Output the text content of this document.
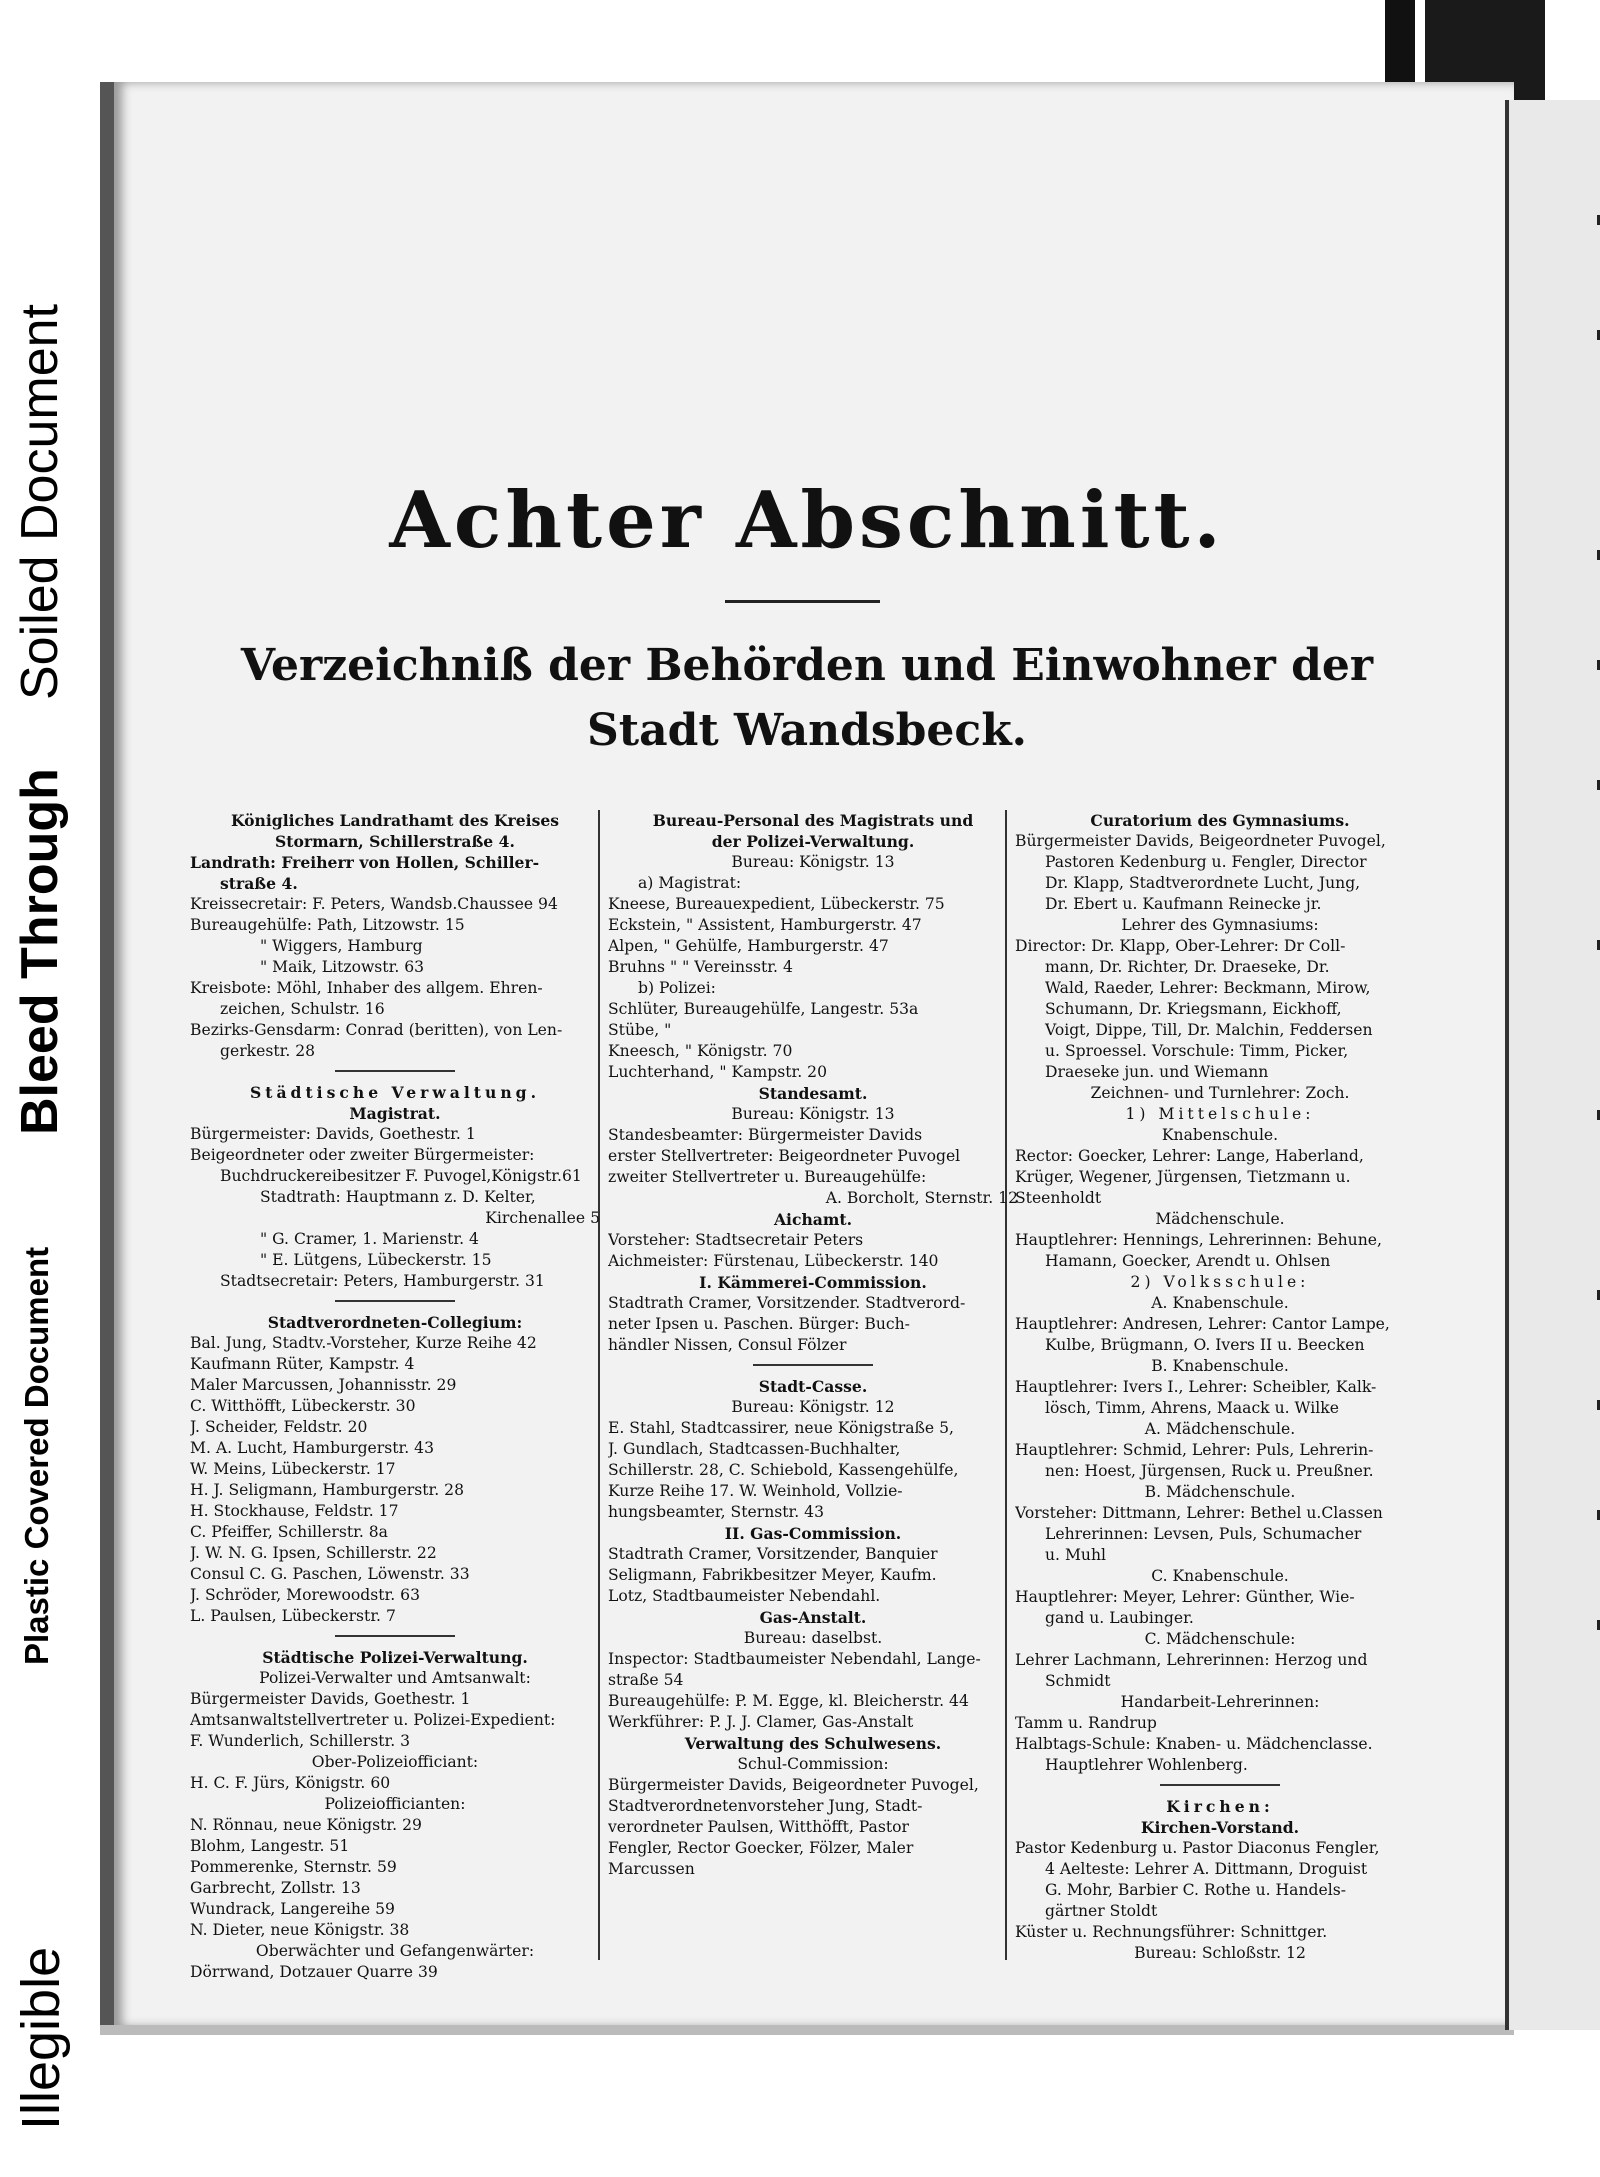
Illegible
Plastic Covered Document
Bleed Through
Soiled Document	Achter Abschnitt.
Verzeichniß der Behörden und Einwohner der
Stadt Wandsbeck.
Königliches Landrathamt des Kreises
Stormarn, Schillerstraße 4.
Landrath: Freiherr von Hollen, Schiller-
straße 4.
Kreissecretair: F. Peters, Wandsb.Chaussee 94
Bureaugehülfe: Path, Litzowstr. 15
" Wiggers, Hamburg
" Maik, Litzowstr. 63
Kreisbote: Möhl, Inhaber des allgem. Ehren-
zeichen, Schulstr. 16
Bezirks-Gensdarm: Conrad (beritten), von Len-
gerkestr. 28
Städtische Verwaltung.
Magistrat.
Bürgermeister: Davids, Goethestr. 1
Beigeordneter oder zweiter Bürgermeister:
Buchdruckereibesitzer F. Puvogel,Königstr.61
Stadtrath: Hauptmann z. D. Kelter,
Kirchenallee 5
" G. Cramer, 1. Marienstr. 4
" E. Lütgens, Lübeckerstr. 15
Stadtsecretair: Peters, Hamburgerstr. 31
Stadtverordneten-Collegium:
Bal. Jung, Stadtv.-Vorsteher, Kurze Reihe 42
Kaufmann Rüter, Kampstr. 4
Maler Marcussen, Johannisstr. 29
C. Witthöfft, Lübeckerstr. 30
J. Scheider, Feldstr. 20
M. A. Lucht, Hamburgerstr. 43
W. Meins, Lübeckerstr. 17
H. J. Seligmann, Hamburgerstr. 28
H. Stockhause, Feldstr. 17
C. Pfeiffer, Schillerstr. 8a
J. W. N. G. Ipsen, Schillerstr. 22
Consul C. G. Paschen, Löwenstr. 33
J. Schröder, Morewoodstr. 63
L. Paulsen, Lübeckerstr. 7
Städtische Polizei-Verwaltung.
Polizei-Verwalter und Amtsanwalt:
Bürgermeister Davids, Goethestr. 1
Amtsanwaltstellvertreter u. Polizei-Expedient:
F. Wunderlich, Schillerstr. 3
Ober-Polizeiofficiant:
H. C. F. Jürs, Königstr. 60
Polizeiofficianten:
N. Rönnau, neue Königstr. 29
Blohm, Langestr. 51
Pommerenke, Sternstr. 59
Garbrecht, Zollstr. 13
Wundrack, Langereihe 59
N. Dieter, neue Königstr. 38
Oberwächter und Gefangenwärter:
Dörrwand, Dotzauer Quarre 39
Bureau-Personal des Magistrats und
der Polizei-Verwaltung.
Bureau: Königstr. 13
a) Magistrat:
Kneese, Bureauexpedient, Lübeckerstr. 75
Eckstein, " Assistent, Hamburgerstr. 47
Alpen, " Gehülfe, Hamburgerstr. 47
Bruhns " " Vereinsstr. 4
b) Polizei:
Schlüter, Bureaugehülfe, Langestr. 53a
Stübe, "
Kneesch, " Königstr. 70
Luchterhand, " Kampstr. 20
Standesamt.
Bureau: Königstr. 13
Standesbeamter: Bürgermeister Davids
erster Stellvertreter: Beigeordneter Puvogel
zweiter Stellvertreter u. Bureaugehülfe:
A. Borcholt, Sternstr. 12
Aichamt.
Vorsteher: Stadtsecretair Peters
Aichmeister: Fürstenau, Lübeckerstr. 140
I. Kämmerei-Commission.
Stadtrath Cramer, Vorsitzender. Stadtverord-
neter Ipsen u. Paschen. Bürger: Buch-
händler Nissen, Consul Fölzer
Stadt-Casse.
Bureau: Königstr. 12
E. Stahl, Stadtcassirer, neue Königstraße 5,
J. Gundlach, Stadtcassen-Buchhalter,
Schillerstr. 28, C. Schiebold, Kassengehülfe,
Kurze Reihe 17. W. Weinhold, Vollzie-
hungsbeamter, Sternstr. 43
II. Gas-Commission.
Stadtrath Cramer, Vorsitzender, Banquier
Seligmann, Fabrikbesitzer Meyer, Kaufm.
Lotz, Stadtbaumeister Nebendahl.
Gas-Anstalt.
Bureau: daselbst.
Inspector: Stadtbaumeister Nebendahl, Lange-
straße 54
Bureaugehülfe: P. M. Egge, kl. Bleicherstr. 44
Werkführer: P. J. J. Clamer, Gas-Anstalt
Verwaltung des Schulwesens.
Schul-Commission:
Bürgermeister Davids, Beigeordneter Puvogel,
Stadtverordnetenvorsteher Jung, Stadt-
verordneter Paulsen, Witthöfft, Pastor
Fengler, Rector Goecker, Fölzer, Maler
Marcussen
Curatorium des Gymnasiums.
Bürgermeister Davids, Beigeordneter Puvogel,
Pastoren Kedenburg u. Fengler, Director
Dr. Klapp, Stadtverordnete Lucht, Jung,
Dr. Ebert u. Kaufmann Reinecke jr.
Lehrer des Gymnasiums:
Director: Dr. Klapp, Ober-Lehrer: Dr Coll-
mann, Dr. Richter, Dr. Draeseke, Dr.
Wald, Raeder, Lehrer: Beckmann, Mirow,
Schumann, Dr. Kriegsmann, Eickhoff,
Voigt, Dippe, Till, Dr. Malchin, Feddersen
u. Sproessel. Vorschule: Timm, Picker,
Draeseke jun. und Wiemann
Zeichnen- und Turnlehrer: Zoch.
1) Mittelschule:
Knabenschule.
Rector: Goecker, Lehrer: Lange, Haberland,
Krüger, Wegener, Jürgensen, Tietzmann u.
Steenholdt
Mädchenschule.
Hauptlehrer: Hennings, Lehrerinnen: Behune,
Hamann, Goecker, Arendt u. Ohlsen
2) Volksschule:
A. Knabenschule.
Hauptlehrer: Andresen, Lehrer: Cantor Lampe,
Kulbe, Brügmann, O. Ivers II u. Beecken
B. Knabenschule.
Hauptlehrer: Ivers I., Lehrer: Scheibler, Kalk-
lösch, Timm, Ahrens, Maack u. Wilke
A. Mädchenschule.
Hauptlehrer: Schmid, Lehrer: Puls, Lehrerin-
nen: Hoest, Jürgensen, Ruck u. Preußner.
B. Mädchenschule.
Vorsteher: Dittmann, Lehrer: Bethel u.Classen
Lehrerinnen: Levsen, Puls, Schumacher
u. Muhl
C. Knabenschule.
Hauptlehrer: Meyer, Lehrer: Günther, Wie-
gand u. Laubinger.
C. Mädchenschule:
Lehrer Lachmann, Lehrerinnen: Herzog und
Schmidt
Handarbeit-Lehrerinnen:
Tamm u. Randrup
Halbtags-Schule: Knaben- u. Mädchenclasse.
Hauptlehrer Wohlenberg.
Kirchen:
Kirchen-Vorstand.
Pastor Kedenburg u. Pastor Diaconus Fengler,
4 Aelteste: Lehrer A. Dittmann, Droguist
G. Mohr, Barbier C. Rothe u. Handels-
gärtner Stoldt
Küster u. Rechnungsführer: Schnittger.
Bureau: Schloßstr. 12
